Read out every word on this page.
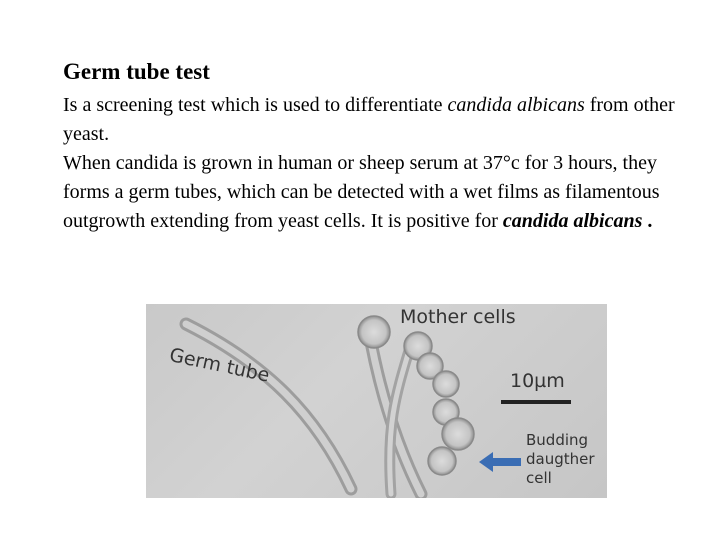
Germ tube test

Is a screening test which is used to differentiate candida albicans from other yeast.

When candida is grown in human or sheep serum at 37°c for 3 hours, they forms a germ tubes, which can be detected with a wet films as filamentous outgrowth extending from yeast cells. It is positive for candida albicans .

Mother cells
Germ tube	10µm
Budding daugther cell
